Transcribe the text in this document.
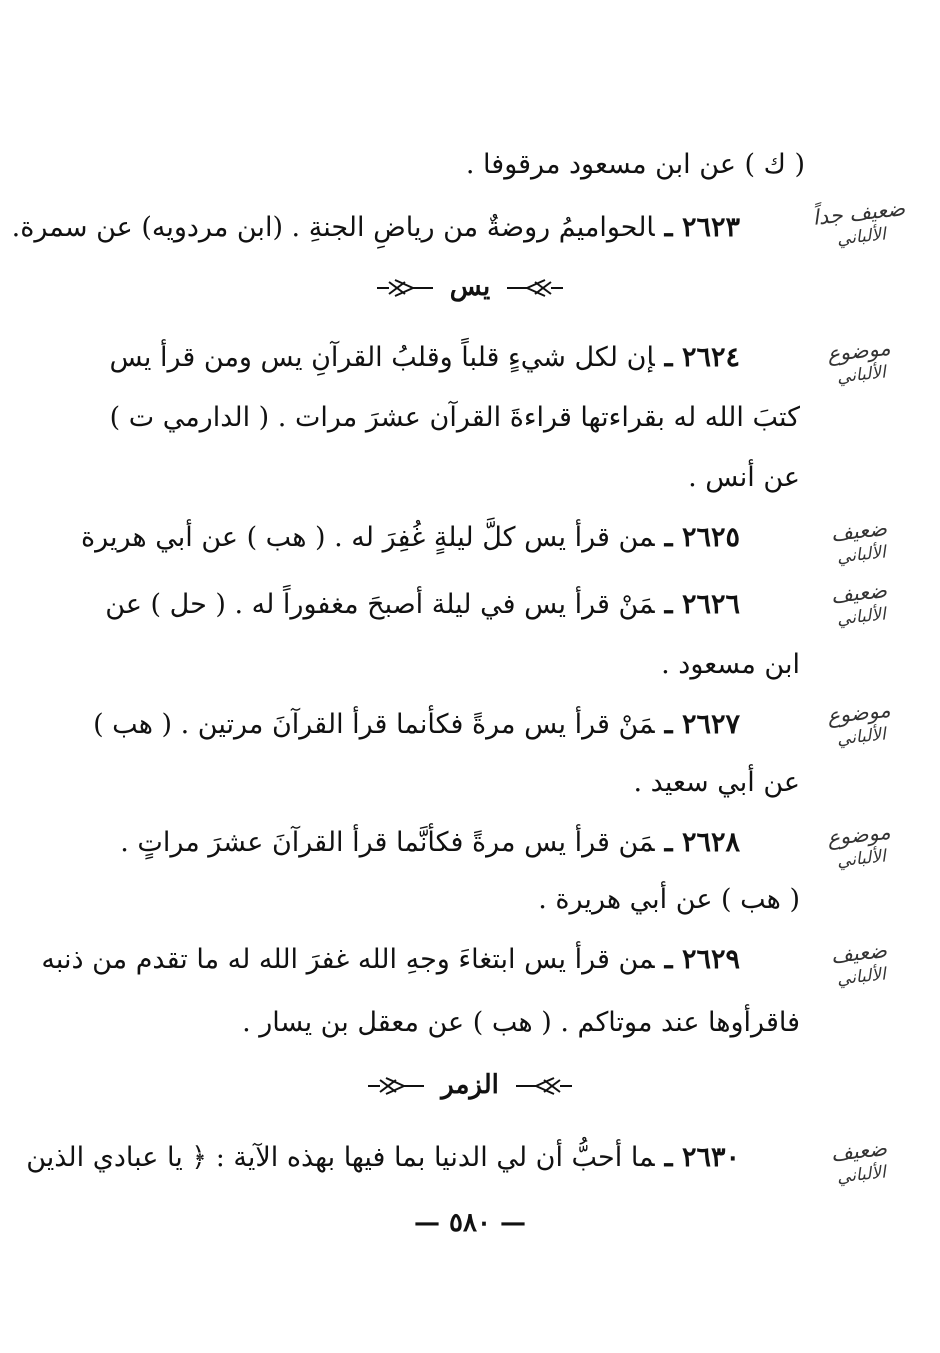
( ك ) عن ابن مسعود مرقوفا .
ضعيف جداً
الألباني
٢٦٢٣ ـالحواميمُ روضةٌ من رياضِ الجنةِ . (ابن مردويه) عن سمرة.
يس
موضوع
الألباني
٢٦٢٤ ـإن لكل شيءٍ قلباً وقلبُ القرآنِ يس ومن قرأ يس
كتبَ الله له بقراءتها قراءةَ القرآن عشرَ مرات . ( الدارمي ت )
عن أنس .
ضعيف
الألباني
٢٦٢٥ ـمن قرأ يس كلَّ ليلةٍ غُفِرَ له . ( هب ) عن أبي هريرة
ضعيف
الألباني
٢٦٢٦ ـمَنْ قرأ يس في ليلة أصبحَ مغفوراً له . ( حل ) عن
ابن مسعود .
موضوع
الألباني
٢٦٢٧ ـمَنْ قرأ يس مرةً فكأنما قرأ القرآنَ مرتين . ( هب )
عن أبي سعيد .
موضوع
الألباني
٢٦٢٨ ـمَن قرأ يس مرةً فكأنَّما قرأ القرآنَ عشرَ مراتٍ .
( هب ) عن أبي هريرة .
ضعيف
الألباني
٢٦٢٩ ـمن قرأ يس ابتغاءَ وجهِ الله غفرَ الله له ما تقدم من ذنبه
فاقرأوها عند موتاكم . ( هب ) عن معقل بن يسار .
الزمر
ضعيف
الألباني
٢٦٣٠ ـما أحبُّ أن لي الدنيا بما فيها بهذه الآية : ﴿ يا عبادي الذين
— ٥٨٠ —
